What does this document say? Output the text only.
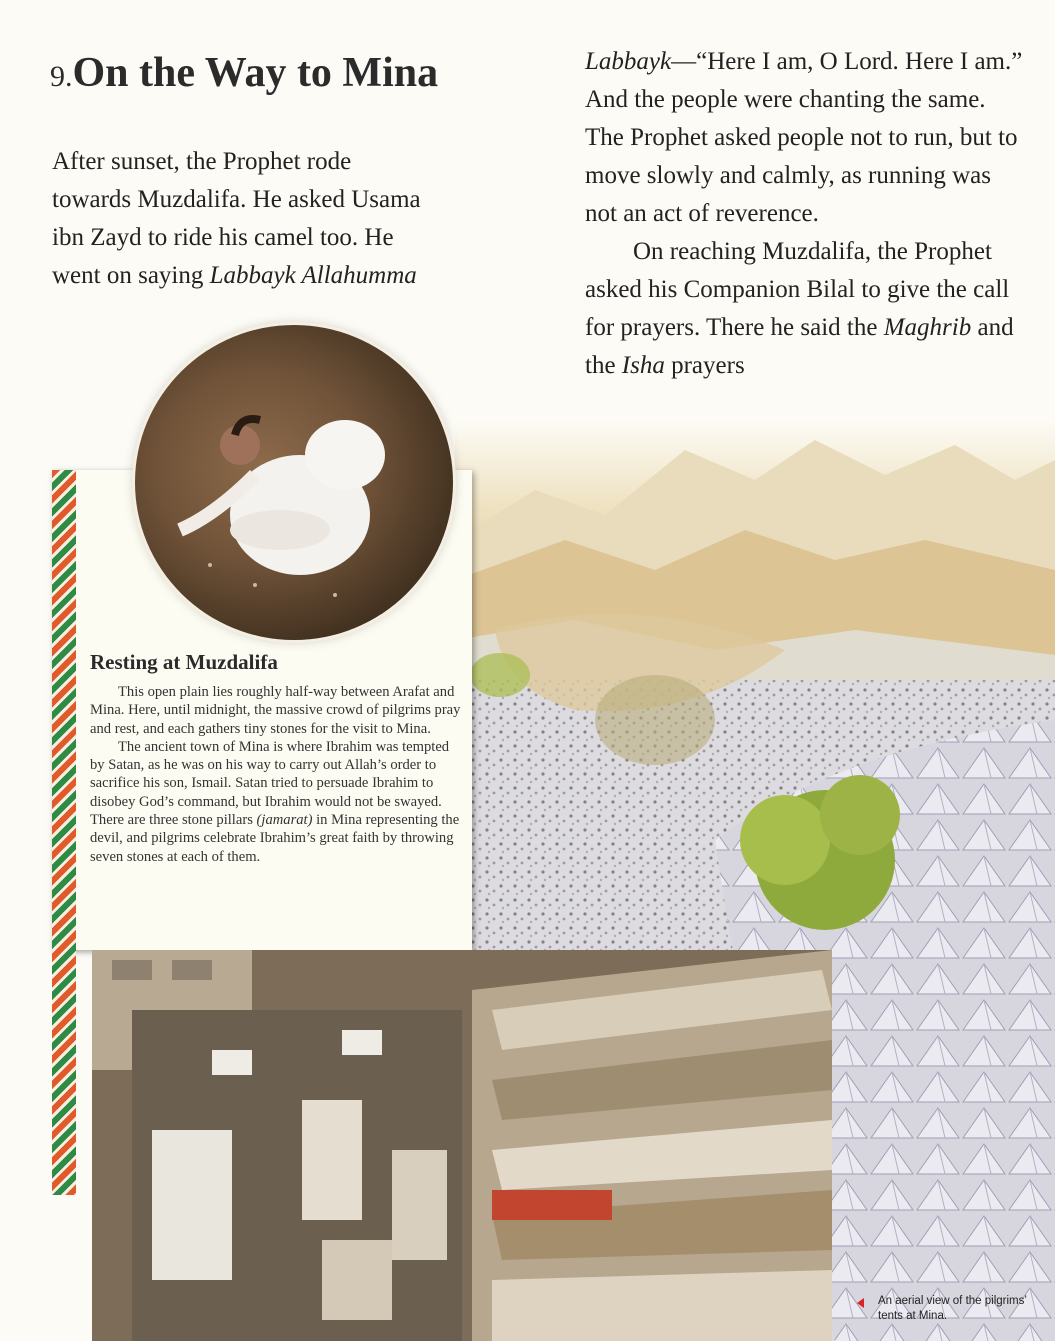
9.On the Way to Mina
After sunset, the Prophet rode
towards Muzdalifa. He asked Usama
ibn Zayd to ride his camel too. He
went on saying Labbayk Allahumma

Labbayk—“Here I am, O Lord. Here I am.” And the people were chanting the same. The Prophet asked people not to run, but to move slowly and calmly, as running was not an act of reverence.

On reaching Muzdalifa, the Prophet asked his Companion Bilal to give the call for prayers. There he said the Maghrib and the Isha prayers

Resting at Muzdalifa

This open plain lies roughly half-way between Arafat and Mina. Here, until midnight, the massive crowd of pilgrims pray and rest, and each gathers tiny stones for the visit to Mina.

The ancient town of Mina is where Ibrahim was tempted by Satan, as he was on his way to carry out Allah’s order to sacrifice his son, Ismail. Satan tried to persuade Ibrahim to disobey God’s command, but Ibrahim would not be swayed. There are three stone pillars (jamarat) in Mina representing the devil, and pilgrims celebrate Ibrahim’s great faith by throwing seven stones at each of them.

An aerial view of the pilgrims’ tents at Mina.
